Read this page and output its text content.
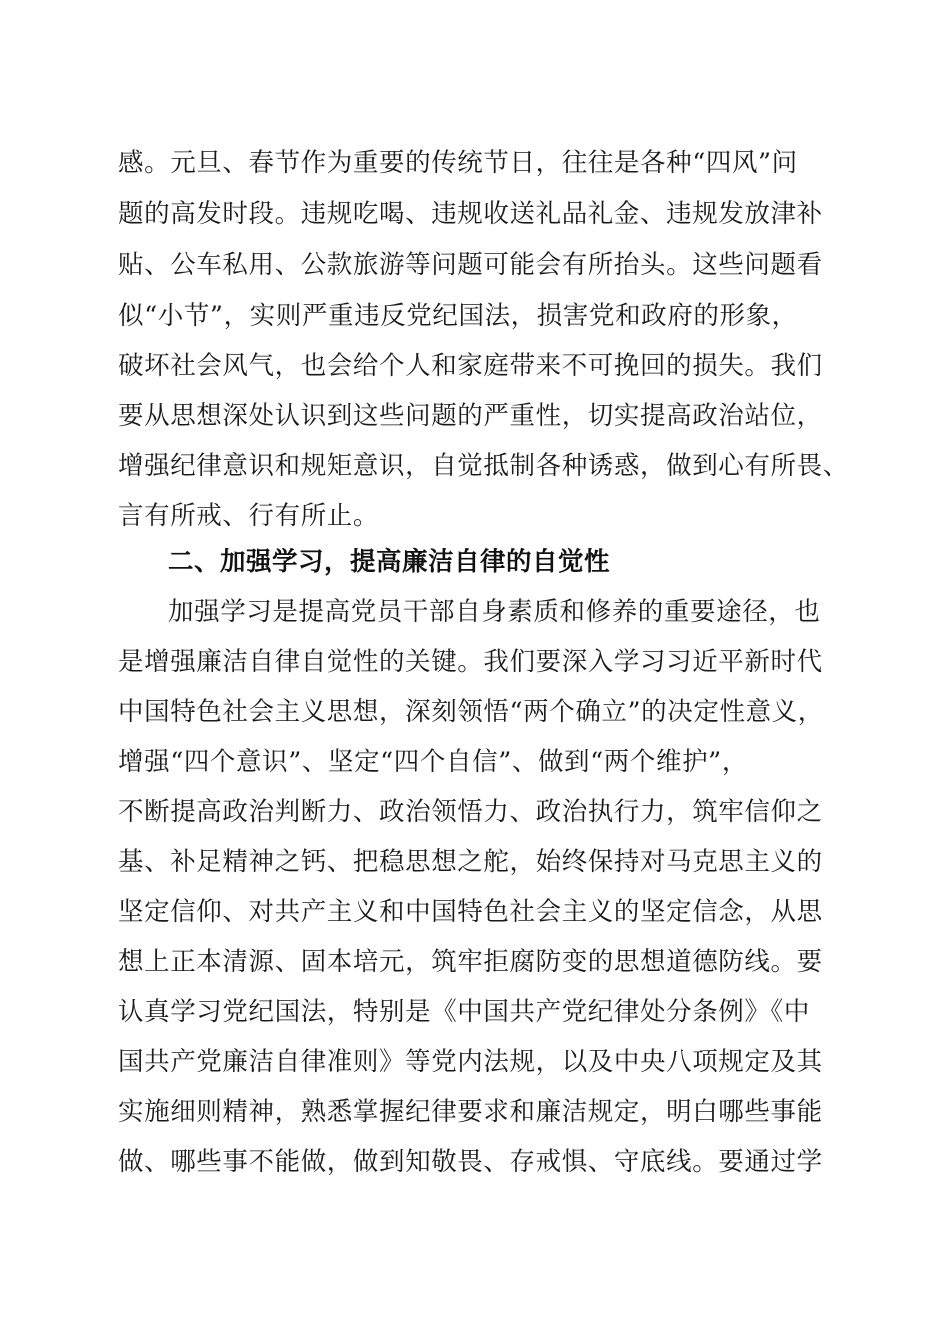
感。元旦、春节作为重要的传统节日，往往是各种“四风”问
题的高发时段。违规吃喝、违规收送礼品礼金、违规发放津补
贴、公车私用、公款旅游等问题可能会有所抬头。这些问题看
似“小节”，实则严重违反党纪国法，损害党和政府的形象，
破坏社会风气，也会给个人和家庭带来不可挽回的损失。我们
要从思想深处认识到这些问题的严重性，切实提高政治站位，
增强纪律意识和规矩意识，自觉抵制各种诱惑，做到心有所畏、
言有所戒、行有所止。
二、加强学习，提高廉洁自律的自觉性
加强学习是提高党员干部自身素质和修养的重要途径，也
是增强廉洁自律自觉性的关键。我们要深入学习习近平新时代
中国特色社会主义思想，深刻领悟“两个确立”的决定性意义，
增强“四个意识”、坚定“四个自信”、做到“两个维护”，
不断提高政治判断力、政治领悟力、政治执行力，筑牢信仰之
基、补足精神之钙、把稳思想之舵，始终保持对马克思主义的
坚定信仰、对共产主义和中国特色社会主义的坚定信念，从思
想上正本清源、固本培元，筑牢拒腐防变的思想道德防线。要
认真学习党纪国法，特别是《中国共产党纪律处分条例》《中
国共产党廉洁自律准则》等党内法规，以及中央八项规定及其
实施细则精神，熟悉掌握纪律要求和廉洁规定，明白哪些事能
做、哪些事不能做，做到知敬畏、存戒惧、守底线。要通过学
